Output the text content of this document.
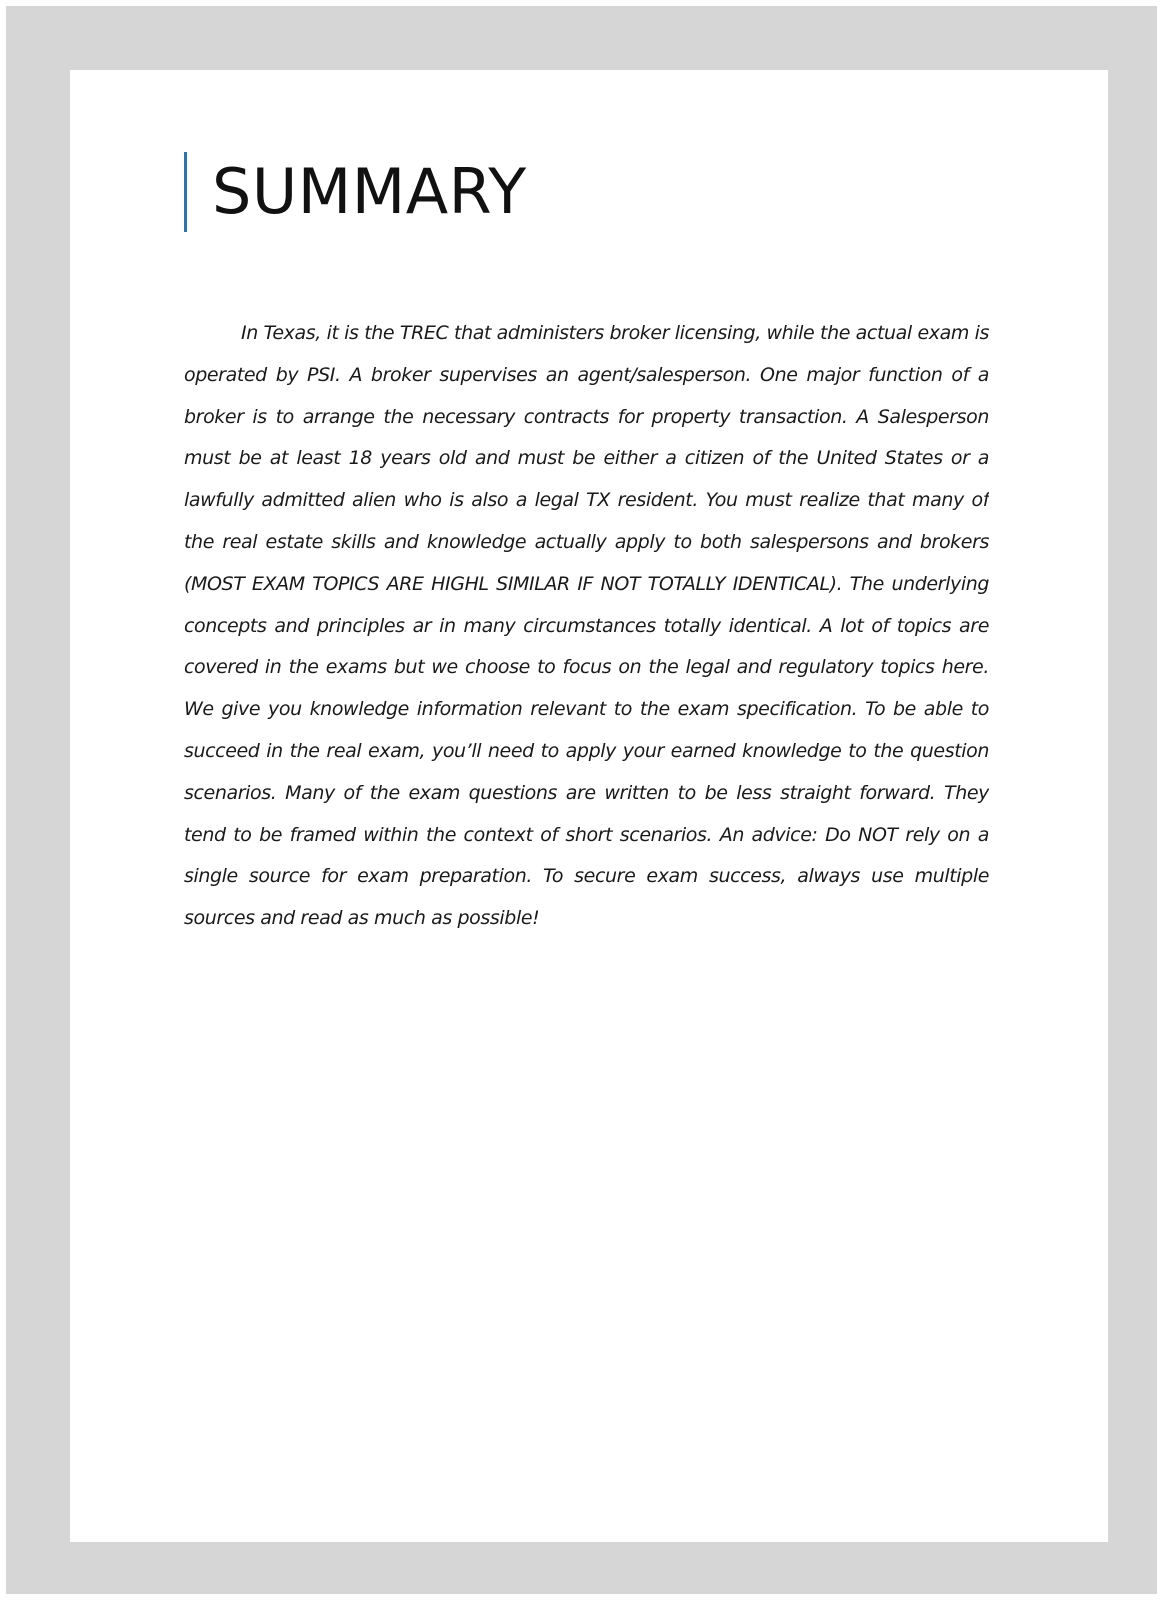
SUMMARY

In Texas, it is the TREC that administers broker licensing, while the actual exam is operated by PSI. A broker supervises an agent/salesperson. One major function of a broker is to arrange the necessary contracts for property transaction. A Salesperson must be at least 18 years old and must be either a citizen of the United States or a lawfully admitted alien who is also a legal TX resident. You must realize that many of the real estate skills and knowledge actually apply to both salespersons and brokers (MOST EXAM TOPICS ARE HIGHL SIMILAR IF NOT TOTALLY IDENTICAL). The underlying concepts and principles ar in many circumstances totally identical. A lot of topics are covered in the exams but we choose to focus on the legal and regulatory topics here. We give you knowledge information relevant to the exam specification. To be able to succeed in the real exam, you’ll need to apply your earned knowledge to the question scenarios. Many of the exam questions are written to be less straight forward. They tend to be framed within the context of short scenarios. An advice: Do NOT rely on a single source for exam preparation. To secure exam success, always use multiple sources and read as much as possible!
